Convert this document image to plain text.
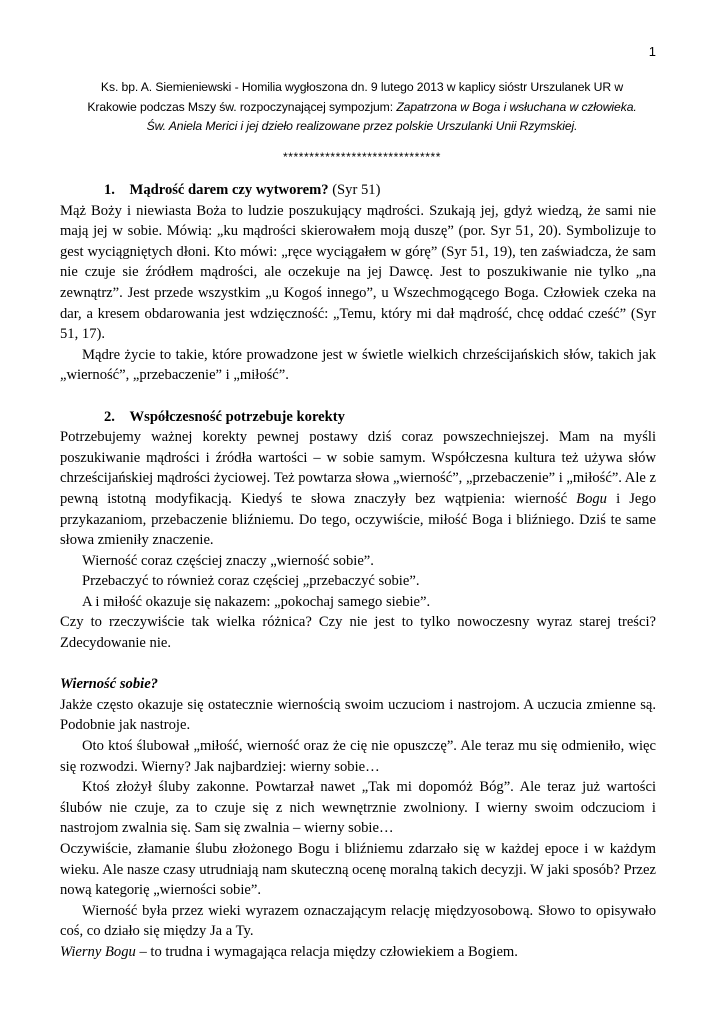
1
Ks. bp. A. Siemieniewski - Homilia wygłoszona dn. 9 lutego 2013 w kaplicy sióstr Urszulanek UR w
Krakowie podczas Mszy św. rozpoczynającej sympozjum: Zapatrzona w Boga i wsłuchana w człowieka.
Św. Aniela Merici i jej dzieło realizowane przez polskie Urszulanki Unii Rzymskiej.
******************************

1. Mądrość darem czy wytworem? (Syr 51)

Mąż Boży i niewiasta Boża to ludzie poszukujący mądrości. Szukają jej, gdyż wiedzą, że sami nie mają jej w sobie. Mówią: „ku mądrości skierowałem moją duszę” (por. Syr 51, 20). Symbolizuje to gest wyciągniętych dłoni. Kto mówi: „ręce wyciągałem w górę” (Syr 51, 19), ten zaświadcza, że sam nie czuje sie źródłem mądrości, ale oczekuje na jej Dawcę. Jest to poszukiwanie nie tylko „na zewnątrz”. Jest przede wszystkim „u Kogoś innego”, u Wszechmogącego Boga. Człowiek czeka na dar, a kresem obdarowania jest wdzięczność: „Temu, który mi dał mądrość, chcę oddać cześć” (Syr 51, 17).

Mądre życie to takie, które prowadzone jest w świetle wielkich chrześcijańskich słów, takich jak „wierność”, „przebaczenie” i „miłość”.

2. Współczesność potrzebuje korekty

Potrzebujemy ważnej korekty pewnej postawy dziś coraz powszechniejszej. Mam na myśli poszukiwanie mądrości i źródła wartości – w sobie samym. Współczesna kultura też używa słów chrześcijańskiej mądrości życiowej. Też powtarza słowa „wierność”, „przebaczenie” i „miłość”. Ale z pewną istotną modyfikacją. Kiedyś te słowa znaczyły bez wątpienia: wierność Bogu i Jego przykazaniom, przebaczenie bliźniemu. Do tego, oczywiście, miłość Boga i bliźniego. Dziś te same słowa zmieniły znaczenie.

Wierność coraz częściej znaczy „wierność sobie”.

Przebaczyć to również coraz częściej „przebaczyć sobie”.

A i miłość okazuje się nakazem: „pokochaj samego siebie”.

Czy to rzeczywiście tak wielka różnica? Czy nie jest to tylko nowoczesny wyraz starej treści? Zdecydowanie nie.

Wierność sobie?

Jakże często okazuje się ostatecznie wiernością swoim uczuciom i nastrojom. A uczucia zmienne są. Podobnie jak nastroje.

Oto ktoś ślubował „miłość, wierność oraz że cię nie opuszczę”. Ale teraz mu się odmieniło, więc się rozwodzi. Wierny? Jak najbardziej: wierny sobie…

Ktoś złożył śluby zakonne. Powtarzał nawet „Tak mi dopomóż Bóg”. Ale teraz już wartości ślubów nie czuje, za to czuje się z nich wewnętrznie zwolniony. I wierny swoim odczuciom i nastrojom zwalnia się. Sam się zwalnia – wierny sobie…

Oczywiście, złamanie ślubu złożonego Bogu i bliźniemu zdarzało się w każdej epoce i w każdym wieku. Ale nasze czasy utrudniają nam skuteczną ocenę moralną takich decyzji. W jaki sposób? Przez nową kategorię „wierności sobie”.

Wierność była przez wieki wyrazem oznaczającym relację międzyosobową. Słowo to opisywało coś, co działo się między Ja a Ty.

Wierny Bogu – to trudna i wymagająca relacja między człowiekiem a Bogiem.
